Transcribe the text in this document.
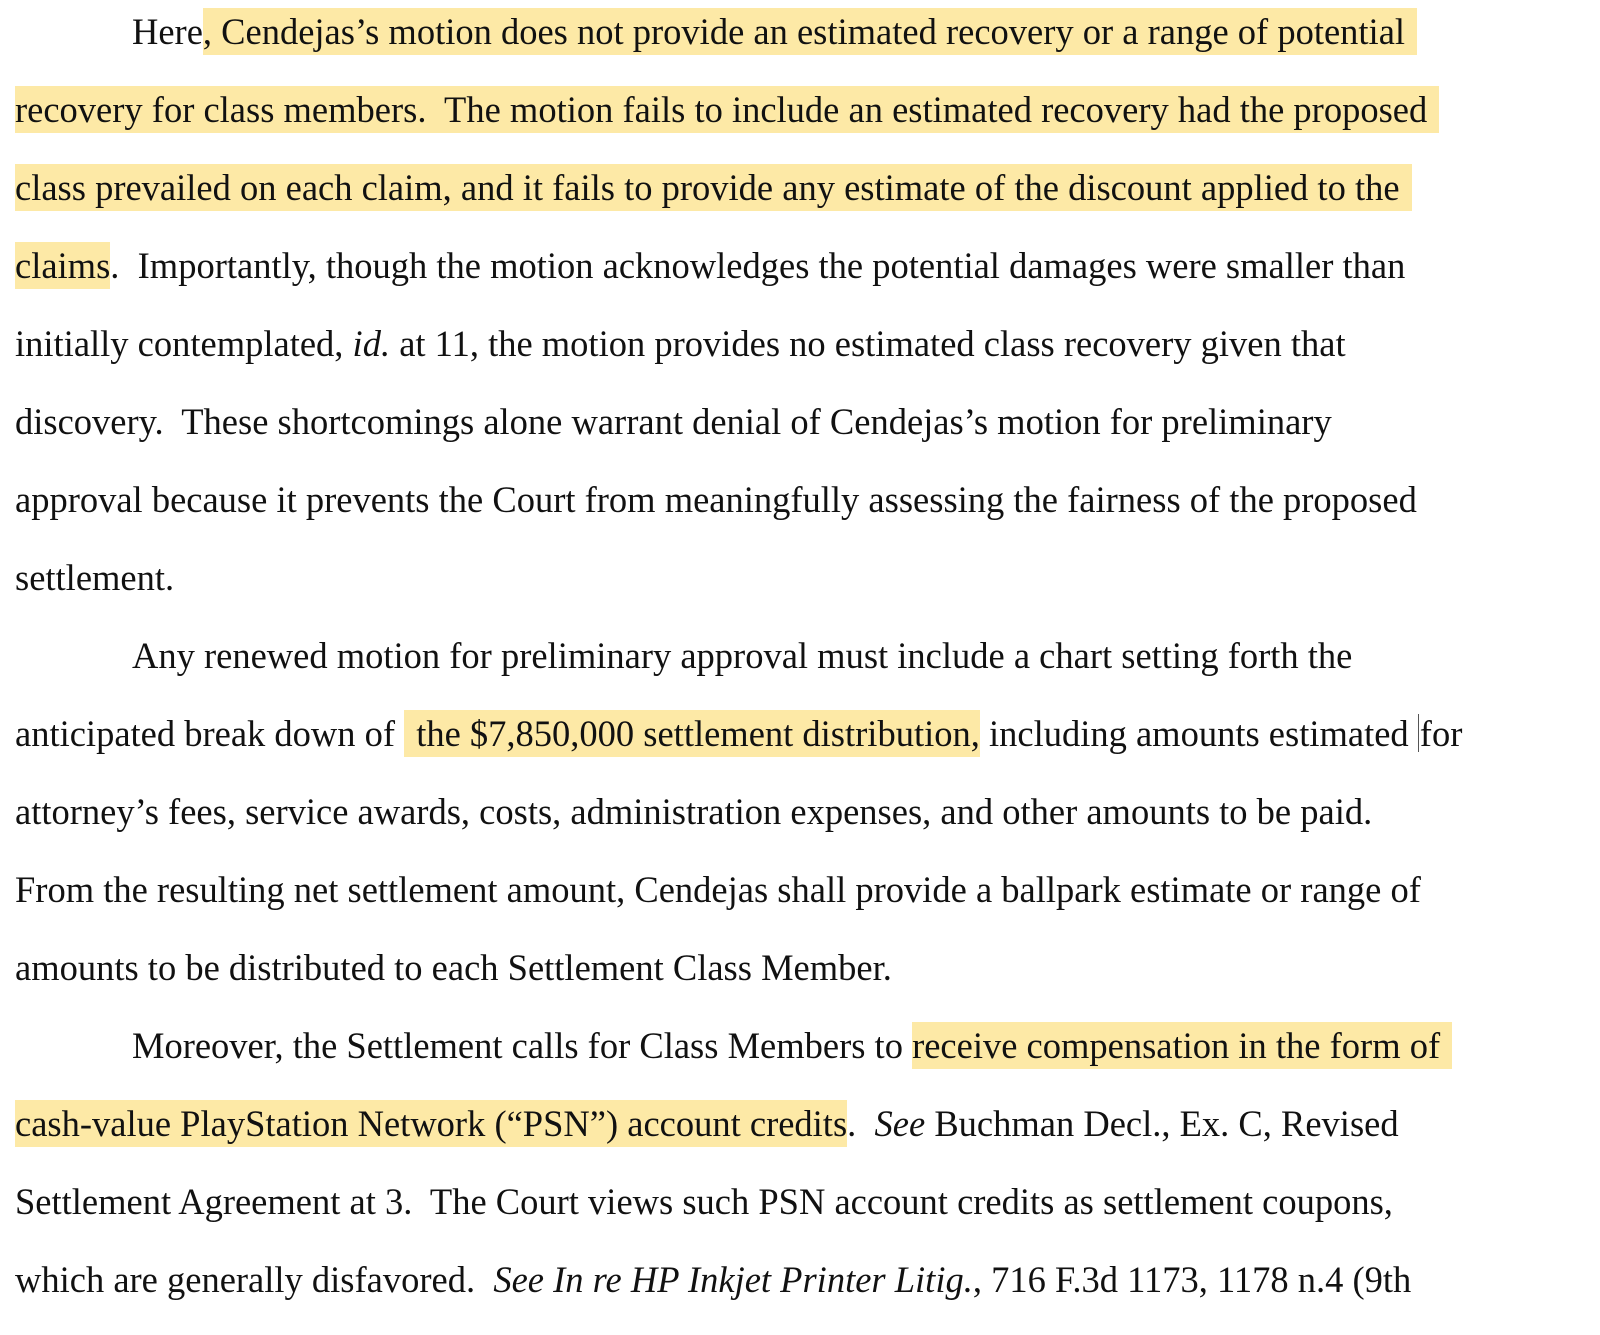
Here, Cendejas’s motion does not provide an estimated recovery or a range of potential
recovery for class members.  The motion fails to include an estimated recovery had the proposed
class prevailed on each claim, and it fails to provide any estimate of the discount applied to the
claims.  Importantly, though the motion acknowledges the potential damages were smaller than
initially contemplated, id. at 11, the motion provides no estimated class recovery given that
discovery.  These shortcomings alone warrant denial of Cendejas’s motion for preliminary
approval because it prevents the Court from meaningfully assessing the fairness of the proposed
settlement.
Any renewed motion for preliminary approval must include a chart setting forth the
anticipated break down of the $7,850,000 settlement distribution, including amounts estimated for
attorney’s fees, service awards, costs, administration expenses, and other amounts to be paid.
From the resulting net settlement amount, Cendejas shall provide a ballpark estimate or range of
amounts to be distributed to each Settlement Class Member.
Moreover, the Settlement calls for Class Members to receive compensation in the form of
cash-value PlayStation Network (“PSN”) account credits.  See Buchman Decl., Ex. C, Revised
Settlement Agreement at 3.  The Court views such PSN account credits as settlement coupons,
which are generally disfavored.  See In re HP Inkjet Printer Litig., 716 F.3d 1173, 1178 n.4 (9th
